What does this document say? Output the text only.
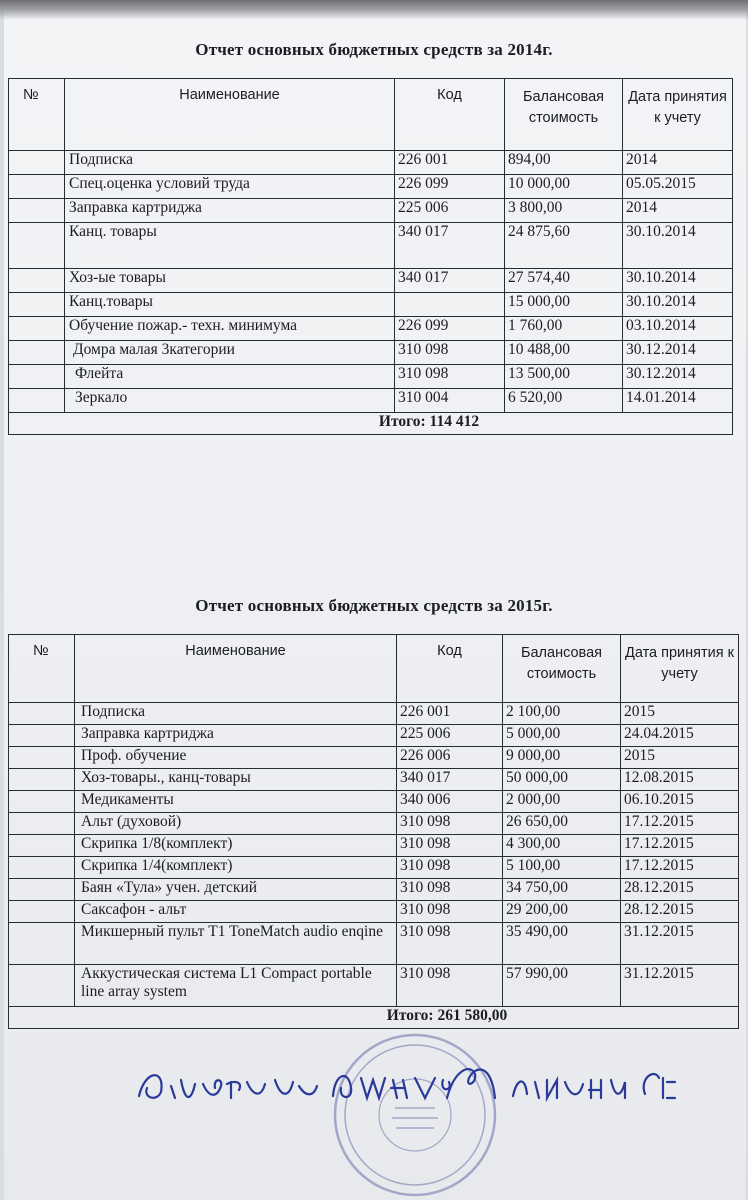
Отчет основных бюджетных средств за 2014г.
№	Наименование	Код	Балансовая стоимость	Дата принятия к учету

	Подписка	226 001	894,00	2014
	Спец.оценка условий труда	226 099	10 000,00	05.05.2015
	Заправка картриджа	225 006	3 800,00	2014
	Канц. товары	340 017	24 875,60	30.10.2014
	Хоз-ые товары	340 017	27 574,40	30.10.2014
	Канц.товары		15 000,00	30.10.2014
	Обучение пожар.- техн. минимума	226 099	1 760,00	03.10.2014
	Домра малая 3категории	310 098	10 488,00	30.12.2014
	Флейта	310 098	13 500,00	30.12.2014
	Зеркало	310 004	6 520,00	14.01.2014
Итого: 114 412				
Отчет основных бюджетных средств за 2015г.
№	Наименование	Код	Балансовая стоимость	Дата принятия к учету

	Подписка	226 001	2 100,00	2015
	Заправка картриджа	225 006	5 000,00	24.04.2015
	Проф. обучение	226 006	9 000,00	2015
	Хоз-товары., канц-товары	340 017	50 000,00	12.08.2015
	Медикаменты	340 006	2 000,00	06.10.2015
	Альт (духовой)	310 098	26 650,00	17.12.2015
	Скрипка 1/8(комплект)	310 098	4 300,00	17.12.2015
	Скрипка 1/4(комплект)	310 098	5 100,00	17.12.2015
	Баян «Тула» учен. детский	310 098	34 750,00	28.12.2015
	Саксафон - альт	310 098	29 200,00	28.12.2015
	Микшерный пульт T1 ToneMatch audio enqine	310 098	35 490,00	31.12.2015
	Аккустическая система L1 Compact portable line array system	310 098	57 990,00	31.12.2015
Итого: 261 580,00				
